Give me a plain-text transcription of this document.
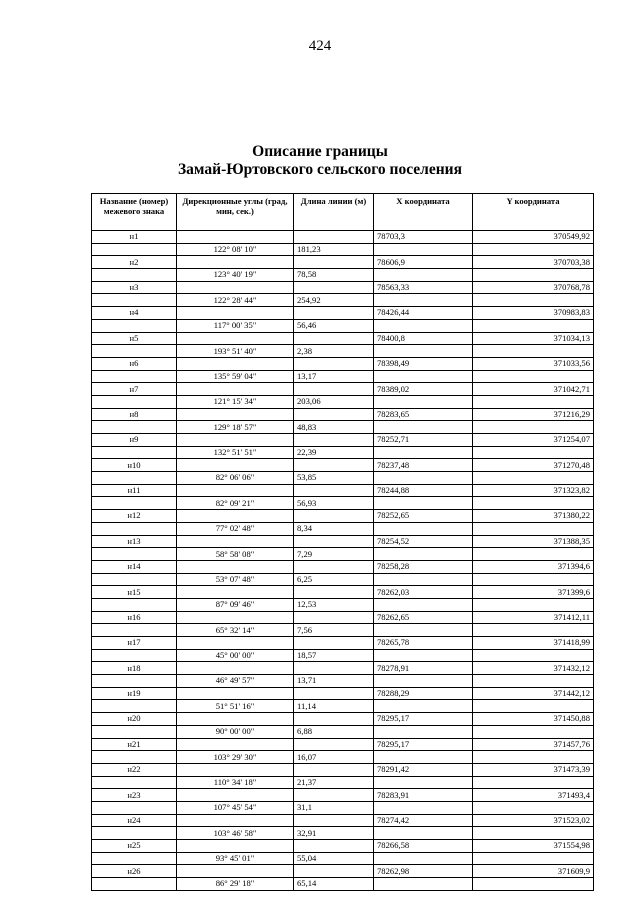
424
Описание границы
Замай-Юртовского сельского поселения
Название (номер) межевого знака	Дирекционные углы (град, мин, сек.)	Длина линии (м)	X координата	Y координата
н1			78703,3	370549,92
	122° 08' 10"	181,23		
н2			78606,9	370703,38
	123° 40' 19"	78,58		
н3			78563,33	370768,78
	122° 28' 44"	254,92		
н4			78426,44	370983,83
	117° 00' 35"	56,46		
н5			78400,8	371034,13
	193° 51' 40"	2,38		
н6			78398,49	371033,56
	135° 59' 04"	13,17		
н7			78389,02	371042,71
	121° 15' 34"	203,06		
н8			78283,65	371216,29
	129° 18' 57"	48,83		
н9			78252,71	371254,07
	132° 51' 51"	22,39		
н10			78237,48	371270,48
	82° 06' 06"	53,85		
н11			78244,88	371323,82
	82° 09' 21"	56,93		
н12			78252,65	371380,22
	77° 02' 48"	8,34		
н13			78254,52	371388,35
	58° 58' 08"	7,29		
н14			78258,28	371394,6
	53° 07' 48"	6,25		
н15			78262,03	371399,6
	87° 09' 46"	12,53		
н16			78262,65	371412,11
	65° 32' 14"	7,56		
н17			78265,78	371418,99
	45° 00' 00"	18,57		
н18			78278,91	371432,12
	46° 49' 57"	13,71		
н19			78288,29	371442,12
	51° 51' 16"	11,14		
н20			78295,17	371450,88
	90° 00' 00"	6,88		
н21			78295,17	371457,76
	103° 29' 30"	16,07		
н22			78291,42	371473,39
	110° 34' 18"	21,37		
н23			78283,91	371493,4
	107° 45' 54"	31,1		
н24			78274,42	371523,02
	103° 46' 58"	32,91		
н25			78266,58	371554,98
	93° 45' 01"	55,04		
н26			78262,98	371609,9
	86° 29' 18"	65,14		
